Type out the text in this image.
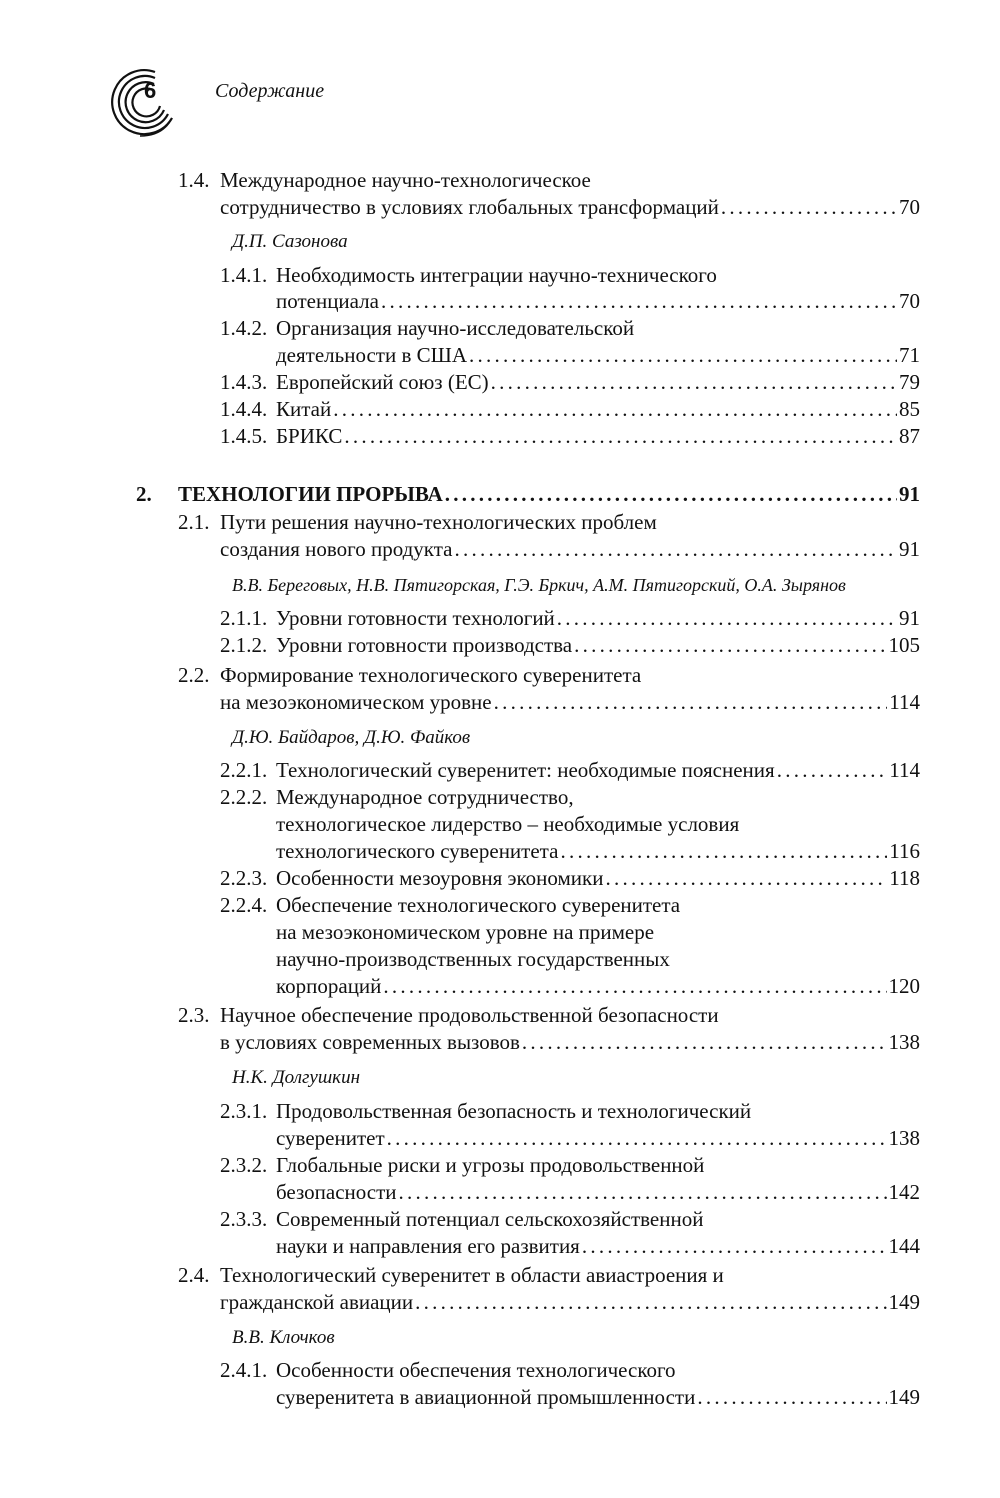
6	Содержание
1.4. Международное научно-технологическое
сотрудничество в условиях глобальных трансформаций . . .	70
Д.П. Сазонова
1.4.1. Необходимость интеграции научно-технического
потенциала . . .	70
1.4.2. Организация научно-исследовательской
деятельности в США . . .	71
1.4.3. Европейский союз (ЕС) . . .	79
1.4.4. Китай . . .	85
1.4.5. БРИКС . . .	87
2.	ТЕХНОЛОГИИ ПРОРЫВА . . .	91
2.1. Пути решения научно-технологических проблем
создания нового продукта . . .	91
В.В. Береговых, Н.В. Пятигорская, Г.Э. Бркич, А.М. Пятигорский, О.А. Зырянов
2.1.1. Уровни готовности технологий . . .	91
2.1.2. Уровни готовности производства . . .	105
2.2. Формирование технологического суверенитета
на мезоэкономическом уровне . . .	114
Д.Ю. Байдаров, Д.Ю. Файков
2.2.1. Технологический суверенитет: необходимые пояснения . . .	114
2.2.2. Международное сотрудничество,
технологическое лидерство – необходимые условия
технологического суверенитета . . .	116
2.2.3. Особенности мезоуровня экономики . . .	118
2.2.4. Обеспечение технологического суверенитета
на мезоэкономическом уровне на примере
научно-производственных государственных
корпораций . . .	120
2.3. Научное обеспечение продовольственной безопасности
в условиях современных вызовов . . .	138
Н.К. Долгушкин
2.3.1. Продовольственная безопасность и технологический
суверенитет . . .	138
2.3.2. Глобальные риски и угрозы продовольственной
безопасности . . .	142
2.3.3. Современный потенциал сельскохозяйственной
науки и направления его развития . . .	144
2.4. Технологический суверенитет в области авиастроения и
гражданской авиации . . .	149
В.В. Клочков
2.4.1. Особенности обеспечения технологического
суверенитета в авиационной промышленности . . .	149
